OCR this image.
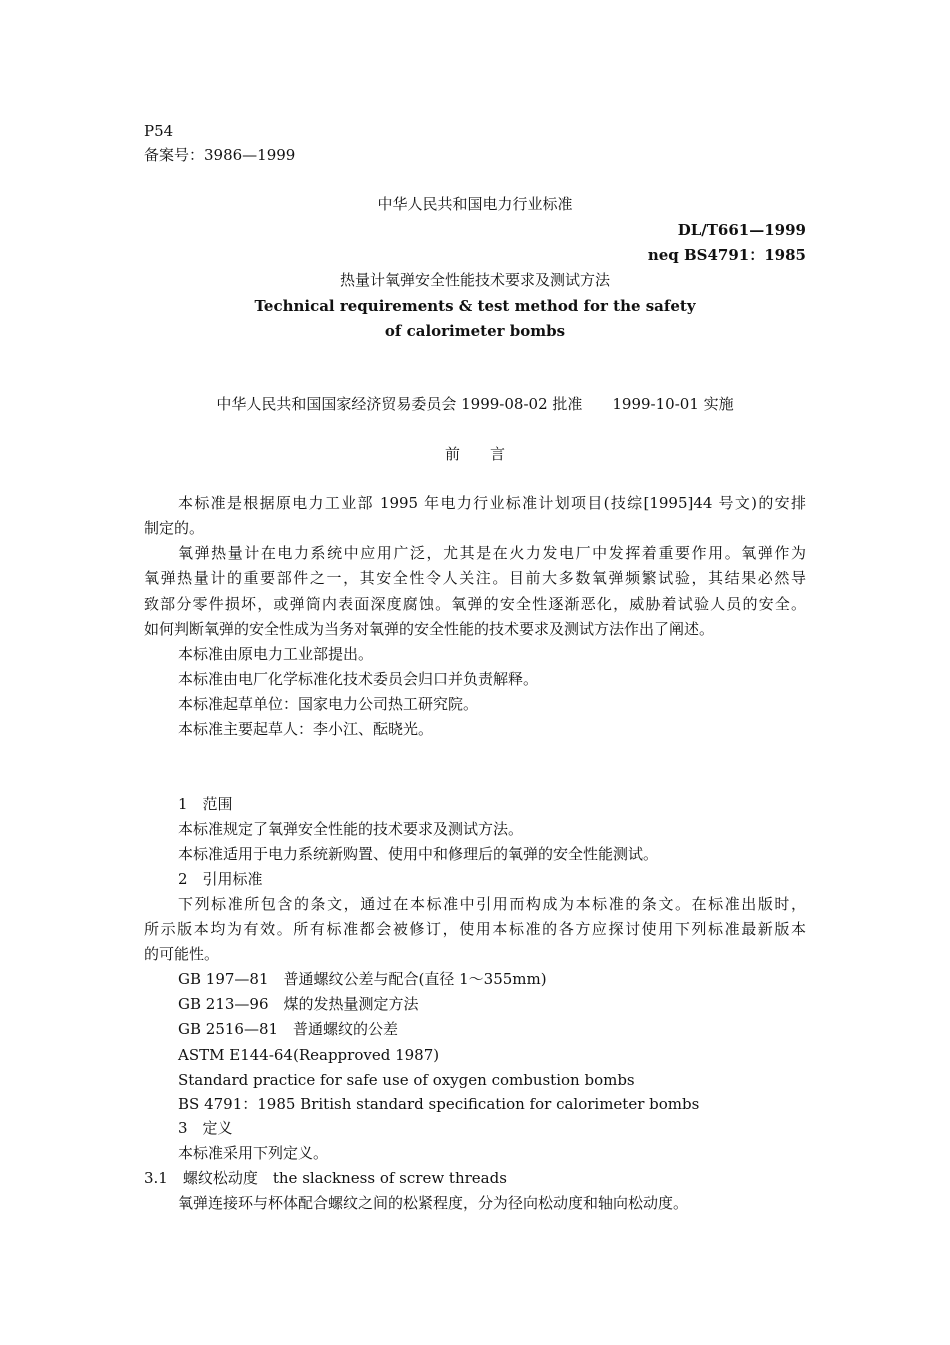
P54
备案号：3986—1999
中华人民共和国电力行业标准
DL/T661—1999
neq BS4791：1985
热量计氧弹安全性能技术要求及测试方法
Technical requirements & test method for the safety
of calorimeter bombs
中华人民共和国国家经济贸易委员会 1999-08-02 批准　　1999-10-01 实施
前　　言
本标准是根据原电力工业部 1995 年电力行业标准计划项目(技综[1995]44 号文)的安排
制定的。
氧弹热量计在电力系统中应用广泛，尤其是在火力发电厂中发挥着重要作用。氧弹作为
氧弹热量计的重要部件之一，其安全性令人关注。目前大多数氧弹频繁试验，其结果必然导
致部分零件损坏，或弹筒内表面深度腐蚀。氧弹的安全性逐渐恶化，威胁着试验人员的安全。
如何判断氧弹的安全性成为当务对氧弹的安全性能的技术要求及测试方法作出了阐述。
本标准由原电力工业部提出。
本标准由电厂化学标准化技术委员会归口并负责解释。
本标准起草单位：国家电力公司热工研究院。
本标准主要起草人：李小江、酝晓光。
1　范围
本标准规定了氧弹安全性能的技术要求及测试方法。
本标准适用于电力系统新购置、使用中和修理后的氧弹的安全性能测试。
2　引用标准
下列标准所包含的条文，通过在本标准中引用而构成为本标准的条文。在标准出版时，
所示版本均为有效。所有标准都会被修订，使用本标准的各方应探讨使用下列标准最新版本
的可能性。
GB 197—81　普通螺纹公差与配合(直径 1～355mm)
GB 213—96　煤的发热量测定方法
GB 2516—81　普通螺纹的公差
ASTM E144-64(Reapproved 1987)
Standard practice for safe use of oxygen combustion bombs
BS 4791：1985 British standard specification for calorimeter bombs
3　定义
本标准采用下列定义。
3.1　螺纹松动度　the slackness of screw threads
氧弹连接环与杯体配合螺纹之间的松紧程度，分为径向松动度和轴向松动度。
